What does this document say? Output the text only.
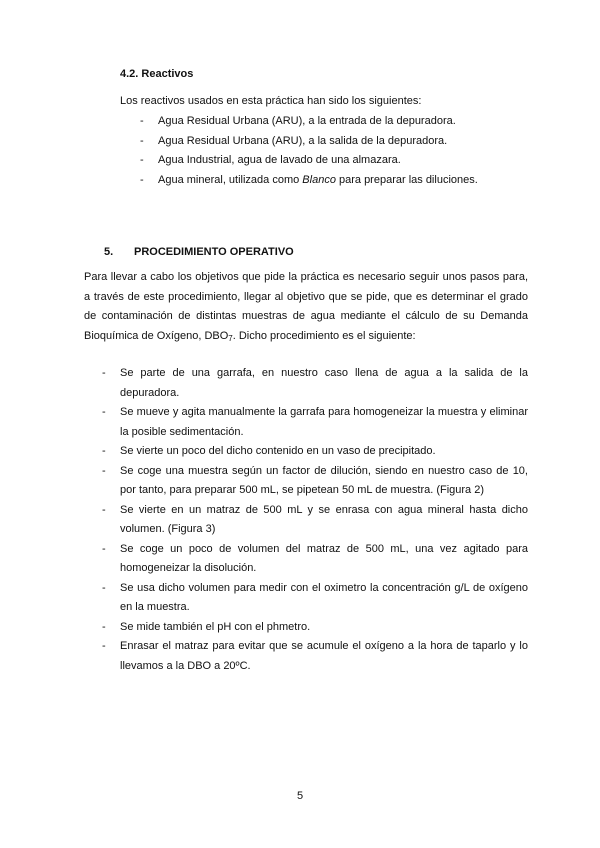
4.2. Reactivos
Los reactivos usados en esta práctica han sido los siguientes:
- Agua Residual Urbana (ARU), a la entrada de la depuradora.
- Agua Residual Urbana (ARU), a la salida de la depuradora.
- Agua Industrial, agua de lavado de una almazara.
- Agua mineral, utilizada como Blanco para preparar las diluciones.
5. PROCEDIMIENTO OPERATIVO
Para llevar a cabo los objetivos que pide la práctica es necesario seguir unos pasos para, a través de este procedimiento, llegar al objetivo que se pide, que es determinar el grado de contaminación de distintas muestras de agua mediante el cálculo de su Demanda Bioquímica de Oxígeno, $DBO_7$. Dicho procedimiento es el siguiente:
- Se parte de una garrafa, en nuestro caso llena de agua a la salida de la depuradora.
- Se mueve y agita manualmente la garrafa para homogeneizar la muestra y eliminar la posible sedimentación.
- Se vierte un poco del dicho contenido en un vaso de precipitado.
- Se coge una muestra según un factor de dilución, siendo en nuestro caso de 10, por tanto, para preparar 500 mL, se pipetean 50 mL de muestra. (Figura 2)
- Se vierte en un matraz de 500 mL y se enrasa con agua mineral hasta dicho volumen. (Figura 3)
- Se coge un poco de volumen del matraz de 500 mL, una vez agitado para homogeneizar la disolución.
- Se usa dicho volumen para medir con el oximetro la concentración g/L de oxígeno en la muestra.
- Se mide también el pH con el phmetro.
- Enrasar el matraz para evitar que se acumule el oxígeno a la hora de taparlo y lo llevamos a la DBO a 20ºC.
5
